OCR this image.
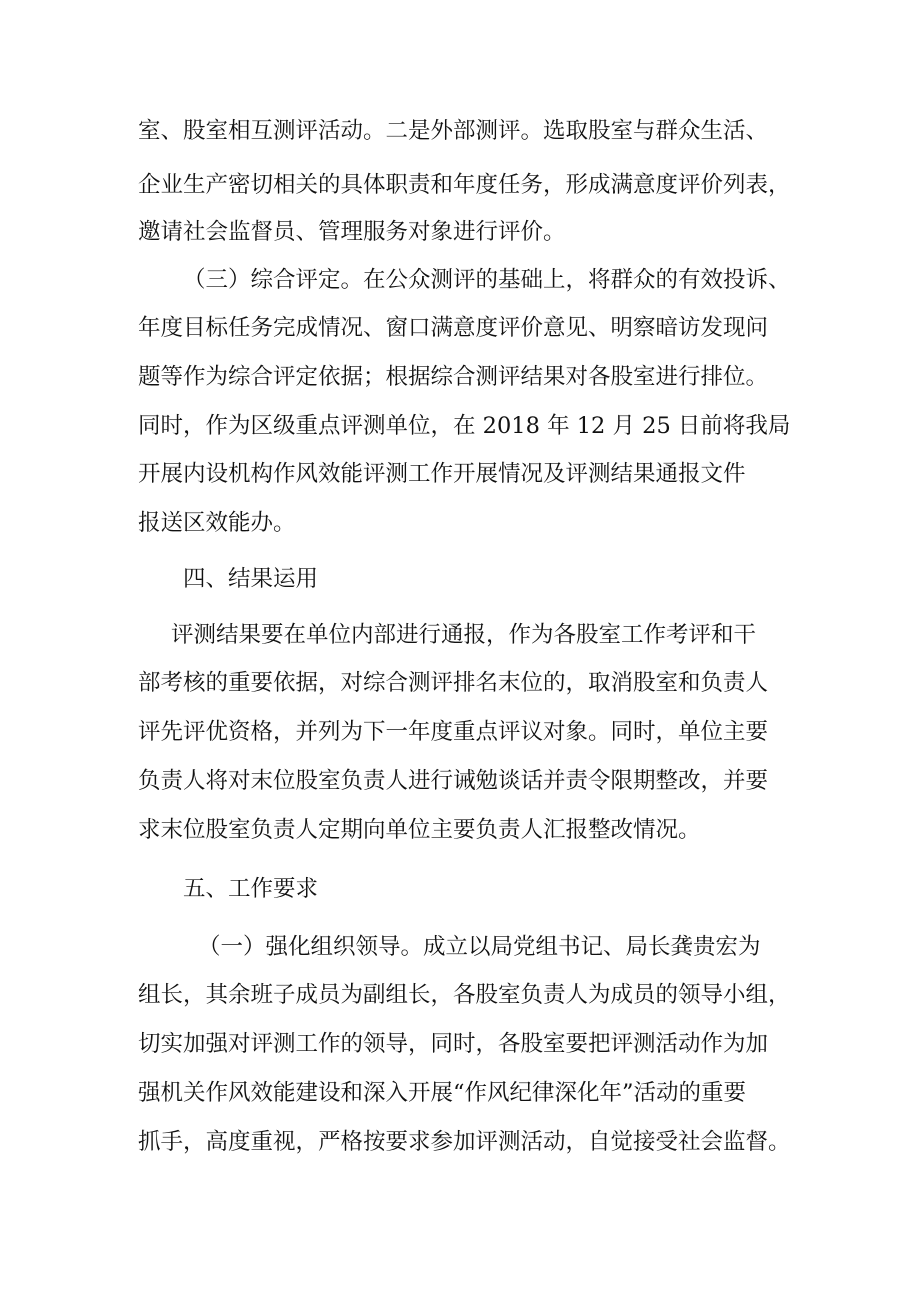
室、股室相互测评活动。二是外部测评。选取股室与群众生活、
企业生产密切相关的具体职责和年度任务，形成满意度评价列表，
邀请社会监督员、管理服务对象进行评价。
（三）综合评定。在公众测评的基础上，将群众的有效投诉、
年度目标任务完成情况、窗口满意度评价意见、明察暗访发现问
题等作为综合评定依据；根据综合测评结果对各股室进行排位。
同时，作为区级重点评测单位，在 2018 年 12 月 25 日前将我局
开展内设机构作风效能评测工作开展情况及评测结果通报文件
报送区效能办。
四、结果运用
评测结果要在单位内部进行通报，作为各股室工作考评和干
部考核的重要依据，对综合测评排名末位的，取消股室和负责人
评先评优资格，并列为下一年度重点评议对象。同时，单位主要
负责人将对末位股室负责人进行诫勉谈话并责令限期整改，并要
求末位股室负责人定期向单位主要负责人汇报整改情况。
五、工作要求
（一）强化组织领导。成立以局党组书记、局长龚贵宏为
组长，其余班子成员为副组长，各股室负责人为成员的领导小组，
切实加强对评测工作的领导，同时，各股室要把评测活动作为加
强机关作风效能建设和深入开展“作风纪律深化年”活动的重要
抓手，高度重视，严格按要求参加评测活动，自觉接受社会监督。
